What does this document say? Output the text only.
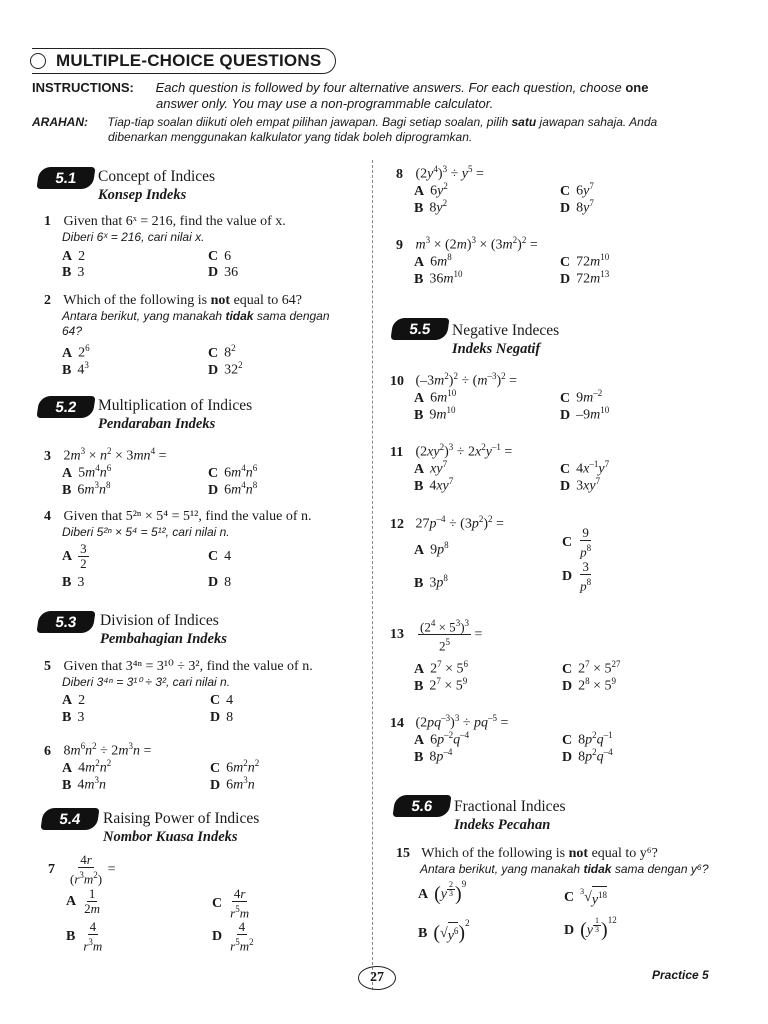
MULTIPLE-CHOICE QUESTIONS
INSTRUCTIONS: Each question is followed by four alternative answers. For each question, choose one
answer only. You may use a non-programmable calculator.
ARAHAN: Tiap-tiap soalan diikuti oleh empat pilihan jawapan. Bagi setiap soalan, pilih satu jawapan sahaja. Anda
dibenarkan menggunakan kalkulator yang tidak boleh diprogramkan.
5.1 Concept of Indices
Konsep Indeks
1 Given that 6ˣ = 216, find the value of x.
Diberi 6ˣ = 216, cari nilai x.
A 2
B 3
C 6
D 36
2 Which of the following is not equal to 64?
Antara berikut, yang manakah tidak sama dengan
64?
A $2^6$
B $4^3$
C $8^2$
D $32^2$
5.2 Multiplication of Indices
Pendaraban Indeks
3 $2m^3 \times n^2 \times 3mn^4$ =
A $5m^4n^6$
B $6m^3n^8$
C $6m^4n^6$
D $6m^4n^8$
4 Given that 5²ⁿ × 5⁴ = 5¹², find the value of n.
Diberi 5²ⁿ × 5⁴ = 5¹², cari nilai n.
A $\frac{3}{2}$	C 4
B 3	D 8
5.3 Division of Indices
Pembahagian Indeks
5 Given that 3⁴ⁿ = 3¹⁰ ÷ 3², find the value of n.
Diberi 3⁴ⁿ = 3¹⁰ ÷ 3², cari nilai n.
A 2
B 3
C 4
D 8
6 $8m^6n^2 \div 2m^3n$ =
A $4m^2n^2$
B $4m^3n$
C $6m^2n^2$
D $6m^3n$
5.4 Raising Power of Indices
Nombor Kuasa Indeks
7	$\frac{4r}{(r^3m^2)}$ =
A $\frac{1}{2m}$
B $\frac{4}{r^3m}$
C $\frac{4r}{r^5m}$
D $\frac{4}{r^5m^2}$
8 $(2y^4)^3 \div y^5$ =
A $6y^2$
B $8y^2$
C $6y^7$
D $8y^7$
9 $m^3 \times (2m)^3 \times (3m^2)^2$ =
A $6m^8$
B $36m^{10}$
C $72m^{10}$
D $72m^{13}$
5.5 Negative Indeces
Indeks Negatif
10 $(-3m^2)^2 \div (m^{-3})^2$ =
A $6m^{10}$
B $9m^{10}$
C $9m^{-2}$
D $-9m^{10}$
11 $(2xy^2)^3 \div 2x^2y^{-1}$ =
A $xy^7$
B $4xy^7$
C $4x^{-1}y^7$
D $3xy^7$
12 $27p^{-4} \div (3p^2)^2$ =
A $9p^8$
B $3p^8$
C $\frac{9}{p^8}$
D $\frac{3}{p^8}$
13	$\frac{(2^4 \times 5^3)^3}{2^5}$ =
A $2^7 \times 5^6$
B $2^7 \times 5^9$
C $2^7 \times 5^{27}$
D $2^8 \times 5^9$
14 $(2pq^{-3})^3 \div pq^{-5}$ =
A $6p^{-2}q^{-4}$
B $8p^{-4}$
C $8p^2q^{-1}$
D $8p^2q^{-4}$
5.6 Fractional Indices
Indeks Pecahan
15 Which of the following is not equal to y⁶?
Antara berikut, yang manakah tidak sama dengan y⁶?
A ( y $^{\frac{2}{3}}$ )$^9$
B ( √ $y^6$ )$^2$
C $^3$ √ $y^{18}$
D ( y $^{\frac{1}{3}}$ )$^{12}$
27	Practice 5
